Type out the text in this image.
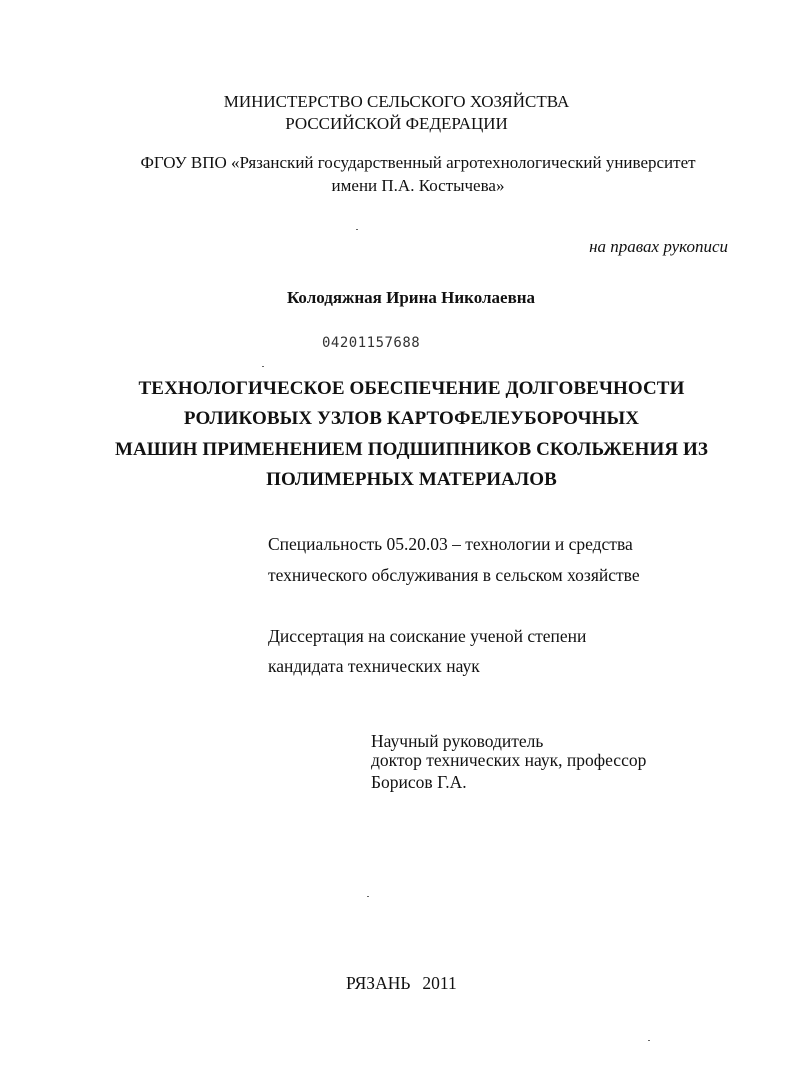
МИНИСТЕРСТВО СЕЛЬСКОГО ХОЗЯЙСТВА
РОССИЙСКОЙ ФЕДЕРАЦИИ
ФГОУ ВПО «Рязанский государственный агротехнологический университет
имени П.А. Костычева»
на правах рукописи
Колодяжная Ирина Николаевна
04201157688
ТЕХНОЛОГИЧЕСКОЕ ОБЕСПЕЧЕНИЕ ДОЛГОВЕЧНОСТИ
РОЛИКОВЫХ УЗЛОВ КАРТОФЕЛЕУБОРОЧНЫХ
МАШИН ПРИМЕНЕНИЕМ ПОДШИПНИКОВ СКОЛЬЖЕНИЯ ИЗ
ПОЛИМЕРНЫХ МАТЕРИАЛОВ
Специальность 05.20.03 – технологии и средства
технического обслуживания в сельском хозяйстве
Диссертация на соискание ученой степени
кандидата технических наук
Научный руководитель
доктор технических наук, профессор
Борисов Г.А.
РЯЗАНЬ 2011
